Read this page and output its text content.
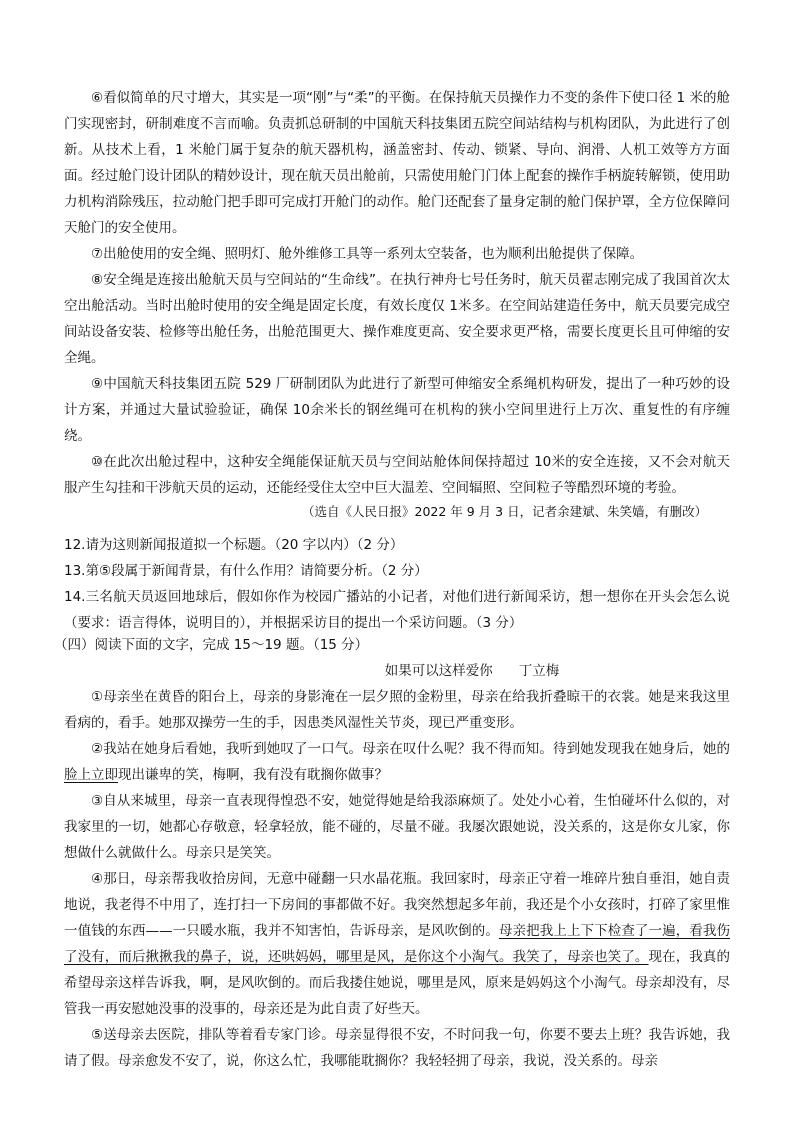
⑥看似简单的尺寸增大，其实是一项“刚”与“柔”的平衡。在保持航天员操作力不变的条件下使口径 1 米的舱门实现密封，研制难度不言而喻。负责抓总研制的中国航天科技集团五院空间站结构与机构团队，为此进行了创新。从技术上看，1 米舱门属于复杂的航天器机构，涵盖密封、传动、锁紧、导向、润滑、人机工效等方方面面。经过舱门设计团队的精妙设计，现在航天员出舱前，只需使用舱门门体上配套的操作手柄旋转解锁，使用助力机构消除残压，拉动舱门把手即可完成打开舱门的动作。舱门还配套了量身定制的舱门保护罩，全方位保障问天舱门的安全使用。

⑦出舱使用的安全绳、照明灯、舱外维修工具等一系列太空装备，也为顺利出舱提供了保障。

⑧安全绳是连接出舱航天员与空间站的“生命线”。在执行神舟七号任务时，航天员翟志刚完成了我国首次太空出舱活动。当时出舱时使用的安全绳是固定长度，有效长度仅 1米多。在空间站建造任务中，航天员要完成空间站设备安装、检修等出舱任务，出舱范围更大、操作难度更高、安全要求更严格，需要长度更长且可伸缩的安全绳。

⑨中国航天科技集团五院 529 厂研制团队为此进行了新型可伸缩安全系绳机构研发，提出了一种巧妙的设计方案，并通过大量试验验证，确保 10余米长的钢丝绳可在机构的狭小空间里进行上万次、重复性的有序缠绕。

⑩在此次出舱过程中，这种安全绳能保证航天员与空间站舱体间保持超过 10米的安全连接，又不会对航天服产生勾挂和干涉航天员的运动，还能经受住太空中巨大温差、空间辐照、空间粒子等酷烈环境的考验。

（选自《人民日报》2022 年 9 月 3 日，记者余建斌、朱笑嫱，有删改）

12.请为这则新闻报道拟一个标题。（20 字以内）（2 分）

13.第⑤段属于新闻背景，有什么作用？请简要分析。（2 分）

14.三名航天员返回地球后，假如你作为校园广播站的小记者，对他们进行新闻采访，想一想你在开头会怎么说（要求：语言得体，说明目的），并根据采访目的提出一个采访问题。（3 分）

（四）阅读下面的文字，完成 15～19 题。（15 分）

如果可以这样爱你 丁立梅

①母亲坐在黄昏的阳台上，母亲的身影淹在一层夕照的金粉里，母亲在给我折叠晾干的衣裳。她是来我这里看病的，看手。她那双操劳一生的手，因患类风湿性关节炎，现已严重变形。

②我站在她身后看她，我听到她叹了一口气。母亲在叹什么呢？我不得而知。待到她发现我在她身后，她的脸上立即现出谦卑的笑，梅啊，我有没有耽搁你做事？

③自从来城里，母亲一直表现得惶恐不安，她觉得她是给我添麻烦了。处处小心着，生怕碰坏什么似的，对我家里的一切，她都心存敬意，轻拿轻放，能不碰的，尽量不碰。我屡次跟她说，没关系的，这是你女儿家，你想做什么就做什么。母亲只是笑笑。

④那日，母亲帮我收拾房间，无意中碰翻一只水晶花瓶。我回家时，母亲正守着一堆碎片独自垂泪，她自责地说，我老得不中用了，连打扫一下房间的事都做不好。我突然想起多年前，我还是个小女孩时，打碎了家里惟一值钱的东西——一只暖水瓶，我并不知害怕，告诉母亲，是风吹倒的。母亲把我上上下下检查了一遍，看我伤了没有，而后揪揪我的鼻子，说，还哄妈妈，哪里是风，是你这个小淘气。我笑了，母亲也笑了。现在，我真的希望母亲这样告诉我，啊，是风吹倒的。而后我搂住她说，哪里是风，原来是妈妈这个小淘气。母亲却没有，尽管我一再安慰她没事的没事的，母亲还是为此自责了好些天。

⑤送母亲去医院，排队等着看专家门诊。母亲显得很不安，不时问我一句，你要不要去上班？我告诉她，我请了假。母亲愈发不安了，说，你这么忙，我哪能耽搁你？我轻轻拥了母亲，我说，没关系的。母亲
